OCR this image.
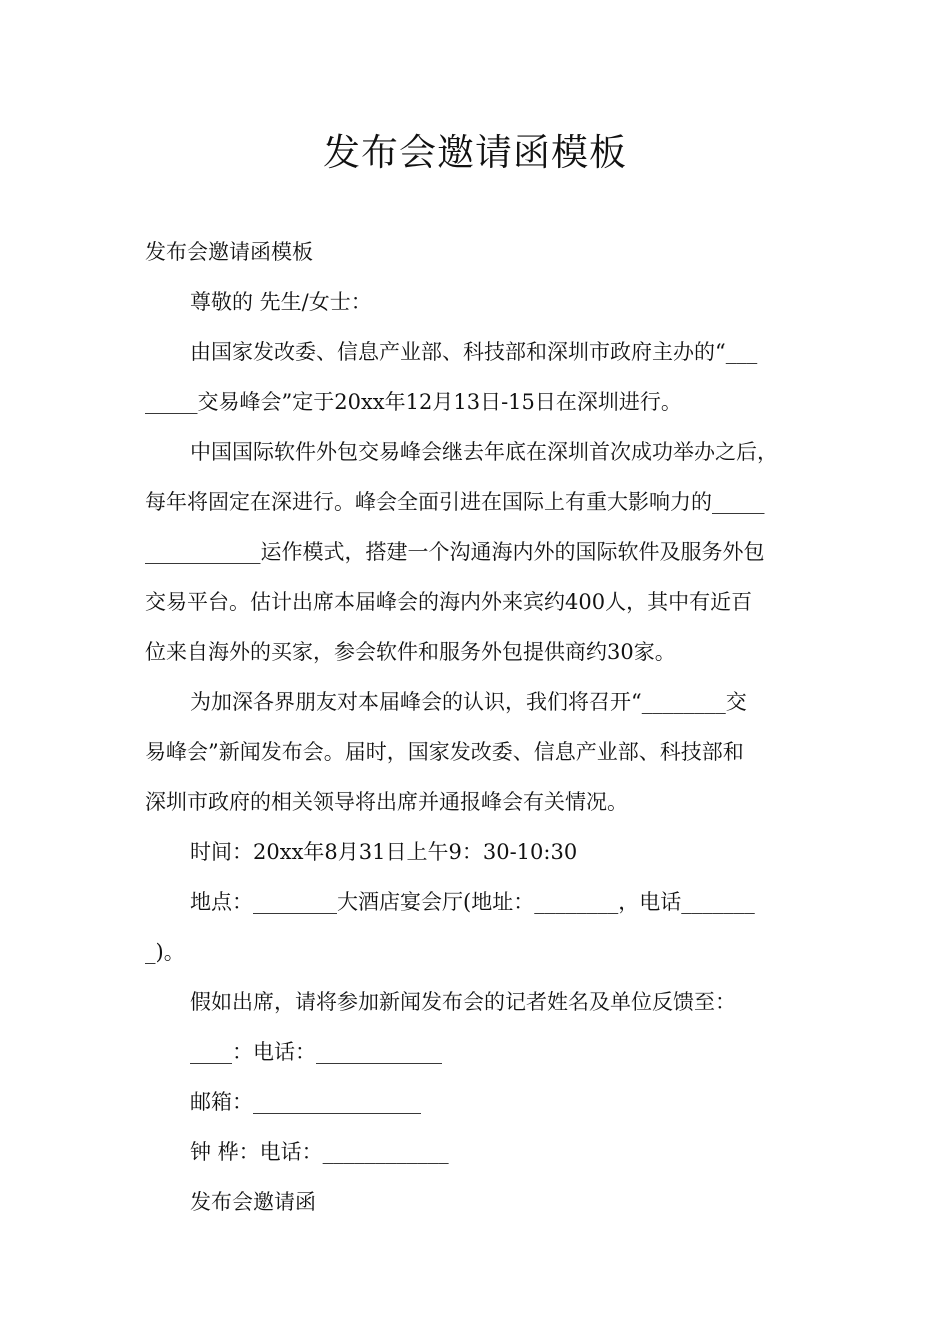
发布会邀请函模板

发布会邀请函模板

尊敬的 先生/女士：

由国家发改委、信息产业部、科技部和深圳市政府主办的“___

_____交易峰会”定于20xx年12月13日-15日在深圳进行。

中国国际软件外包交易峰会继去年底在深圳首次成功举办之后，

每年将固定在深进行。峰会全面引进在国际上有重大影响力的_____

___________运作模式，搭建一个沟通海内外的国际软件及服务外包

交易平台。估计出席本届峰会的海内外来宾约400人，其中有近百

位来自海外的买家，参会软件和服务外包提供商约30家。

为加深各界朋友对本届峰会的认识，我们将召开“________交

易峰会”新闻发布会。届时，国家发改委、信息产业部、科技部和

深圳市政府的相关领导将出席并通报峰会有关情况。

时间：20xx年8月31日上午9：30-10:30

地点：________大酒店宴会厅(地址：________，电话_______

_)。

假如出席，请将参加新闻发布会的记者姓名及单位反馈至：

____：电话：____________

邮箱：________________

钟 桦：电话：____________

发布会邀请函
